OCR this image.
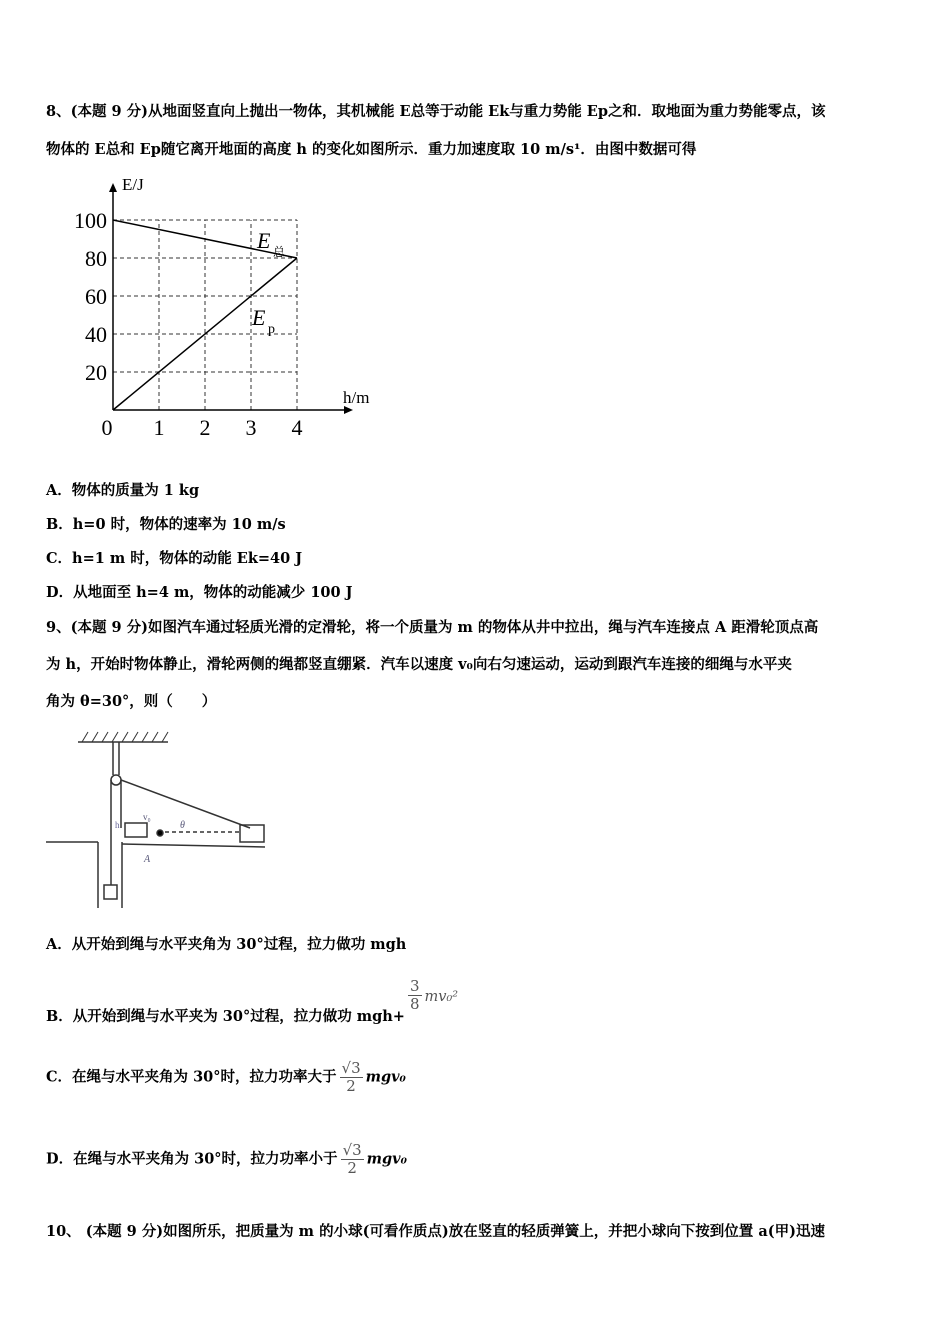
8、(本题 9 分)从地面竖直向上抛出一物体，其机械能 E总等于动能 Ek与重力势能 Ep之和．取地面为重力势能零点，该
物体的 E总和 Ep随它离开地面的高度 h 的变化如图所示．重力加速度取 10 m/s¹．由图中数据可得
20
40
60
80
100
0 1 2 3 4
h/m
E/J
E 总
E p
A．物体的质量为 1 kg
B．h=0 时，物体的速率为 10 m/s
C．h=1 m 时，物体的动能 Ek=40 J
D．从地面至 h=4 m，物体的动能减少 100 J
9、(本题 9 分)如图汽车通过轻质光滑的定滑轮，将一个质量为 m 的物体从井中拉出，绳与汽车连接点 A 距滑轮顶点高
为 h，开始时物体静止，滑轮两侧的绳都竖直绷紧．汽车以速度 v₀向右匀速运动，运动到跟汽车连接的细绳与水平夹
角为 θ=30°，则（　　）
h
v₀
θ
A
A．从开始到绳与水平夹角为 30°过程，拉力做功 mgh
B．从开始到绳与水平夹为 30°过程，拉力做功 mgh+
$\frac{3}{8} mv_0^2$
C．在绳与水平夹角为 30°时，拉力功率大于 $\frac{√3}{2} mgv_0$
D．在绳与水平夹角为 30°时，拉力功率小于 $\frac{√3}{2} mgv_0$
10、 (本题 9 分)如图所乐，把质量为 m 的小球(可看作质点)放在竖直的轻质弹簧上，并把小球向下按到位置 a(甲)迅速
